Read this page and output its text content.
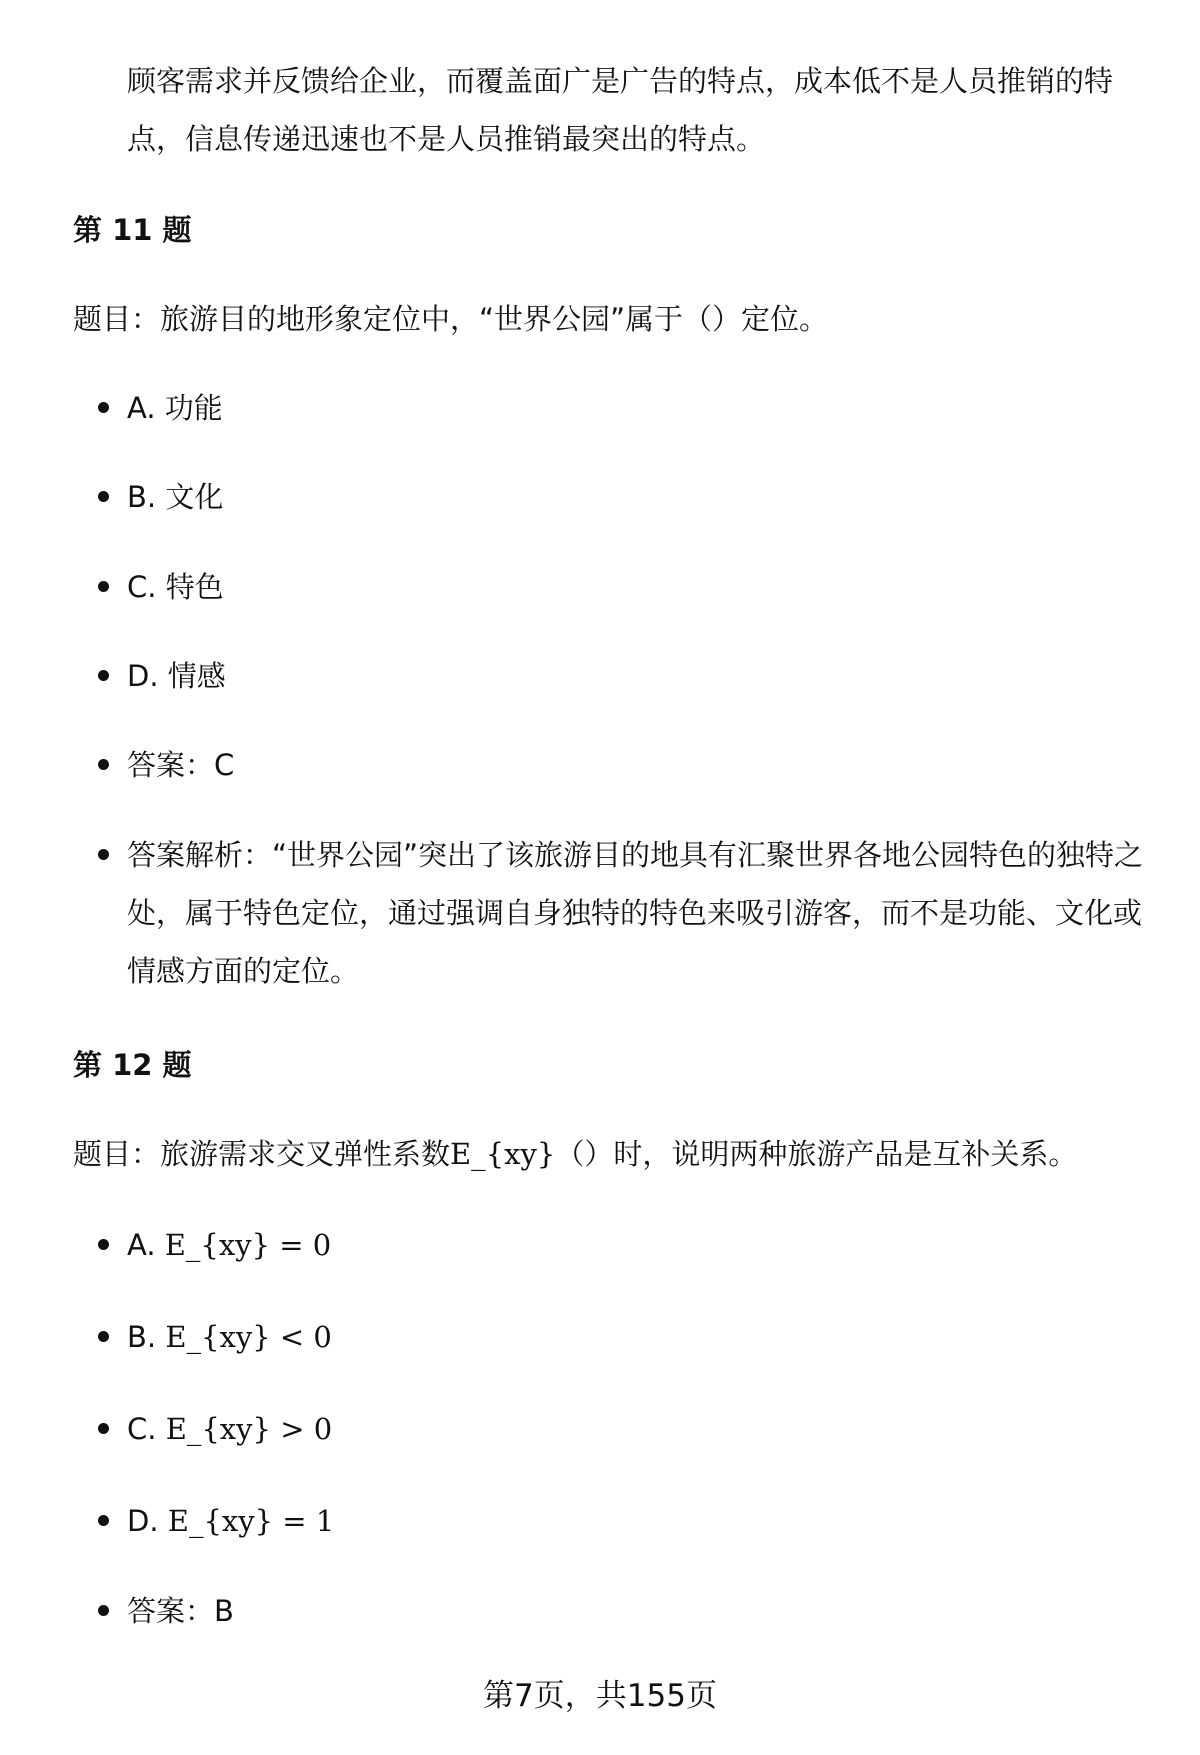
顾客需求并反馈给企业，而覆盖面广是广告的特点，成本低不是人员推销的特点，信息传递迅速也不是人员推销最突出的特点。
第 11 题
题目：旅游目的地形象定位中，“世界公园”属于（）定位。
A. 功能
B. 文化
C. 特色
D. 情感
答案：C
答案解析：“世界公园”突出了该旅游目的地具有汇聚世界各地公园特色的独特之处，属于特色定位，通过强调自身独特的特色来吸引游客，而不是功能、文化或情感方面的定位。
第 12 题
题目：旅游需求交叉弹性系数E_{xy}（）时，说明两种旅游产品是互补关系。
A. E_{xy} = 0
B. E_{xy} < 0
C. E_{xy} > 0
D. E_{xy} = 1
答案：B
第7页，共155页
